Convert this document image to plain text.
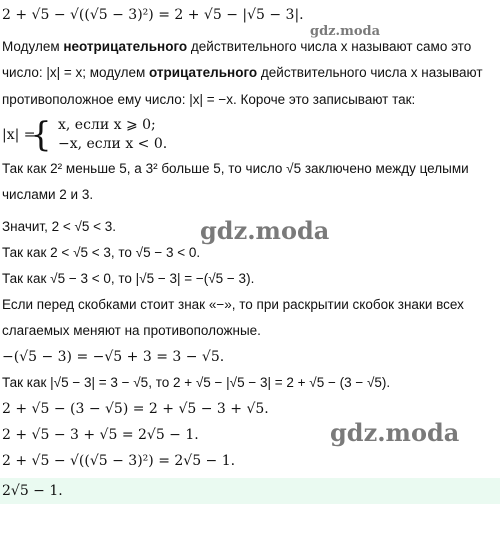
2 + √5 − √((√5 − 3)²) = 2 + √5 − |√5 − 3|.
gdz.moda
Модулем неотрицательного действительного числа x называют само это
число: |x| = x; модулем отрицательного действительного числа x называют
противоположное ему число: |x| = −x. Короче это записывают так:
|x| =
{ x, если x ⩾ 0;
−x, если x < 0.
Так как 2² меньше 5, а 3² больше 5, то число √5 заключено между целыми
числами 2 и 3.
Значит, 2 < √5 < 3.	gdz.moda
Так как 2 < √5 < 3, то √5 − 3 < 0.
Так как √5 − 3 < 0, то |√5 − 3| = −(√5 − 3).
Если перед скобками стоит знак «−», то при раскрытии скобок знаки всех
слагаемых меняют на противоположные.
−(√5 − 3) = −√5 + 3 = 3 − √5.
Так как |√5 − 3| = 3 − √5, то 2 + √5 − |√5 − 3| = 2 + √5 − (3 − √5).
2 + √5 − (3 − √5) = 2 + √5 − 3 + √5.
gdz.moda
2 + √5 − 3 + √5 = 2√5 − 1.
2 + √5 − √((√5 − 3)²) = 2√5 − 1.
2√5 − 1.
